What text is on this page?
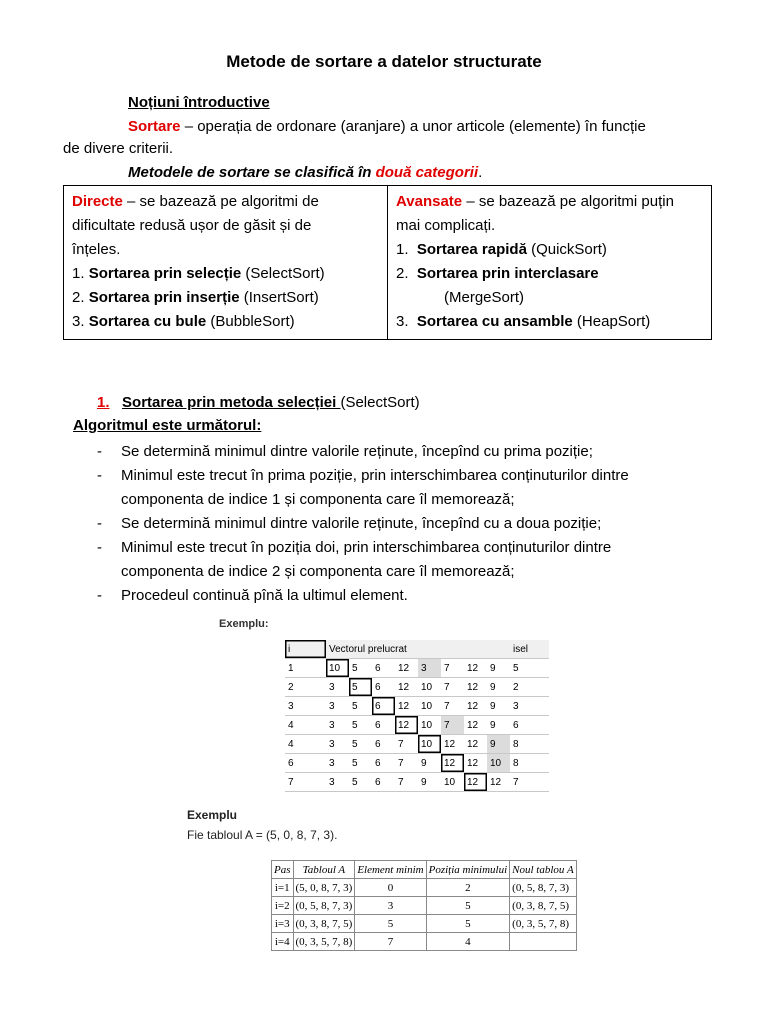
Metode de sortare a datelor structurate
Noțiuni întroductive
Sortare – operația de ordonare (aranjare) a unor articole (elemente) în funcție
de divere criterii.
Metodele de sortare se clasifică în două categorii.
Directe – se bazează pe algoritmi de
dificultate redusă ușor de găsit și de
înțeles.
1. Sortarea prin selecție (SelectSort)
2. Sortarea prin inserție (InsertSort)
3. Sortarea cu bule (BubbleSort)
Avansate – se bazează pe algoritmi puțin
mai complicați.
1. Sortarea rapidă (QuickSort)
2. Sortarea prin interclasare
(MergeSort)
3. Sortarea cu ansamble (HeapSort)
1. Sortarea prin metoda selecției (SelectSort)
Algoritmul este următorul:
- Se determină minimul dintre valorile reținute, începînd cu prima poziție;
- Minimul este trecut în prima poziție, prin interschimbarea conținuturilor dintre
componenta de indice 1 și componenta care îl memorează;
- Se determină minimul dintre valorile reținute, începînd cu a doua poziție;
- Minimul este trecut în poziția doi, prin interschimbarea conținuturilor dintre
componenta de indice 2 și componenta care îl memorează;
- Procedeul continuă pînă la ultimul element.
Exemplu:
i	Vectorul prelucrat								isel
1	10	5	6	12	3	7	12	9	5
2	3	5	6	12	10	7	12	9	2
3	3	5	6	12	10	7	12	9	3
4	3	5	6	12	10	7	12	9	6
4	3	5	6	7	10	12	12	9	8
6	3	5	6	7	9	12	12	10	8
7	3	5	6	7	9	10	12	12	7
Exemplu
Fie tabloul A = (5, 0, 8, 7, 3).
Pas	Tabloul A	Element minim	Poziția minimului	Noul tablou A
i=1	(5, 0, 8, 7, 3)	0	2	(0, 5, 8, 7, 3)
i=2	(0, 5, 8, 7, 3)	3	5	(0, 3, 8, 7, 5)
i=3	(0, 3, 8, 7, 5)	5	5	(0, 3, 5, 7, 8)
i=4	(0, 3, 5, 7, 8)	7	4	
